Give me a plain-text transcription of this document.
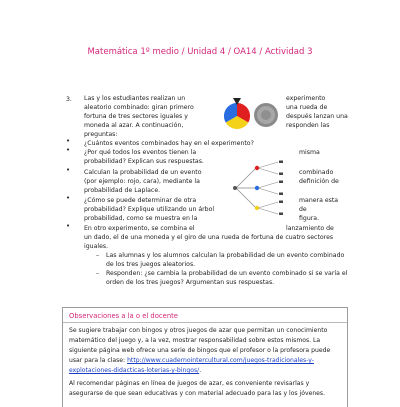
Matemática 1º medio / Unidad 4 / OA14 / Actividad 3
3. Las y los estudiantes realizan un	experimento
aleatorio combinado: giran primero	una rueda de
fortuna de tres sectores iguales y	después lanzan una
moneda al azar. A continuación,	responden las
preguntas:
• ¿Cuántos eventos combinados hay en el experimento?
• ¿Por qué todos los eventos tienen la	misma
probabilidad? Explican sus respuestas.
• Calculan la probabilidad de un evento	combinado
(por ejemplo: rojo, cara), mediante la	definición de
probabilidad de Laplace.
• ¿Cómo se puede determinar de otra	manera esta
probabilidad? Explique utilizando un árbol	de
probabilidad, como se muestra en la	figura.
• En otro experimento, se combina el	lanzamiento de
un dado, el de una moneda y el giro de una rueda de fortuna de cuatro sectores
iguales.
– Las alumnas y los alumnos calculan la probabilidad de un evento combinado
de los tres juegos aleatorios.
– Responden: ¿se cambia la probabilidad de un evento combinado si se varía el
orden de los tres juegos? Argumentan sus respuestas.
Observaciones a la o el docente
Se sugiere trabajar con bingos y otros juegos de azar que permitan un conocimiento
matemático del juego y, a la vez, mostrar responsabilidad sobre estos mismos. La
siguiente página web ofrece una serie de bingos que el profesor o la profesora puede
usar para la clase: http://www.cuadernointercultural.com/juegos-tradicionales-y-
explotaciones-didacticas-loterias-y-bingos/.
Al recomendar páginas en línea de juegos de azar, es conveniente revisarlas y
asegurarse de que sean educativas y con material adecuado para las y los jóvenes.
